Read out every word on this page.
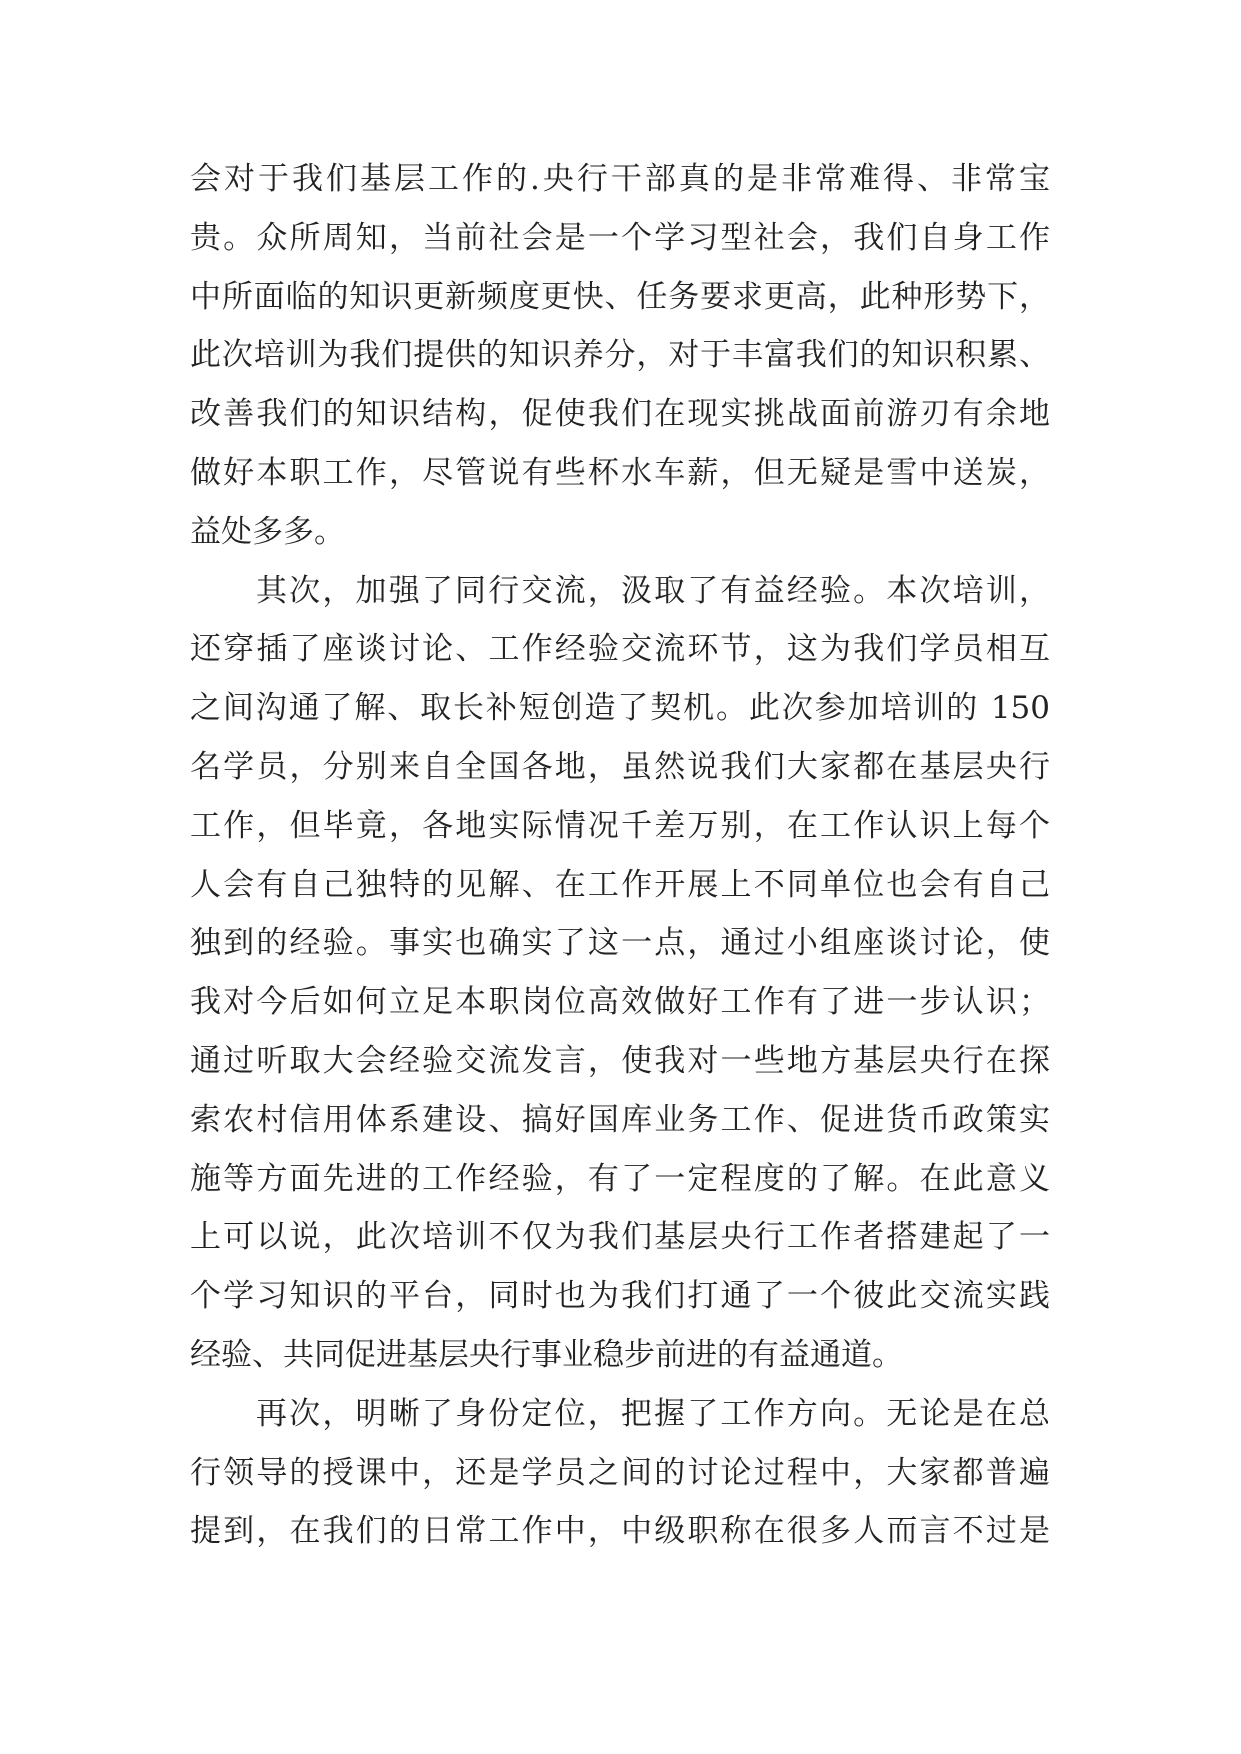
会对于我们基层工作的.央行干部真的是非常难得、非常宝
贵。众所周知，当前社会是一个学习型社会，我们自身工作
中所面临的知识更新频度更快、任务要求更高，此种形势下，
此次培训为我们提供的知识养分，对于丰富我们的知识积累、
改善我们的知识结构，促使我们在现实挑战面前游刃有余地
做好本职工作，尽管说有些杯水车薪，但无疑是雪中送炭，
益处多多。
其次，加强了同行交流，汲取了有益经验。本次培训，
还穿插了座谈讨论、工作经验交流环节，这为我们学员相互
之间沟通了解、取长补短创造了契机。此次参加培训的 150
名学员，分别来自全国各地，虽然说我们大家都在基层央行
工作，但毕竟，各地实际情况千差万别，在工作认识上每个
人会有自己独特的见解、在工作开展上不同单位也会有自己
独到的经验。事实也确实了这一点，通过小组座谈讨论，使
我对今后如何立足本职岗位高效做好工作有了进一步认识；
通过听取大会经验交流发言，使我对一些地方基层央行在探
索农村信用体系建设、搞好国库业务工作、促进货币政策实
施等方面先进的工作经验，有了一定程度的了解。在此意义
上可以说，此次培训不仅为我们基层央行工作者搭建起了一
个学习知识的平台，同时也为我们打通了一个彼此交流实践
经验、共同促进基层央行事业稳步前进的有益通道。
再次，明晰了身份定位，把握了工作方向。无论是在总
行领导的授课中，还是学员之间的讨论过程中，大家都普遍
提到，在我们的日常工作中，中级职称在很多人而言不过是
